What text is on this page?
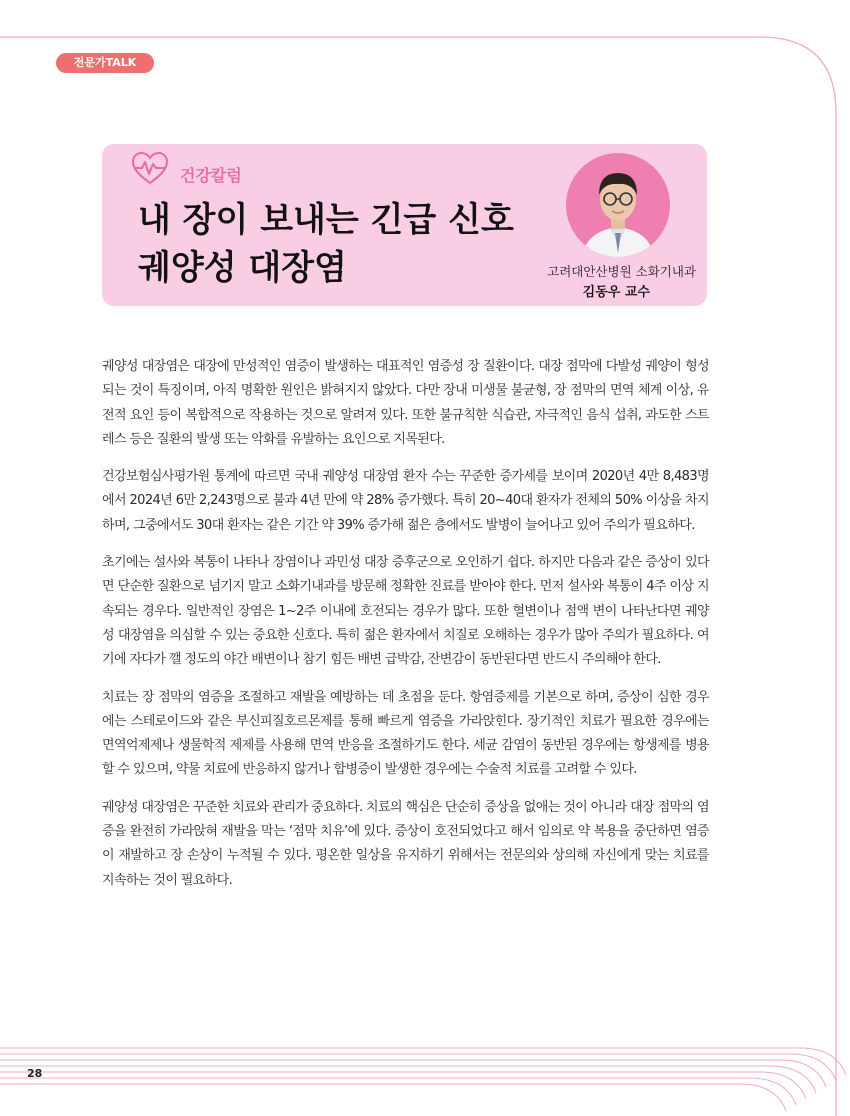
전문가TALK
건강칼럼
내 장이 보내는 긴급 신호
궤양성 대장염	고려대안산병원 소화기내과
김동우 교수

궤양성 대장염은 대장에 만성적인 염증이 발생하는 대표적인 염증성 장 질환이다. 대장 점막에 다발성 궤양이 형성되는 것이 특징이며, 아직 명확한 원인은 밝혀지지 않았다. 다만 장내 미생물 불균형, 장 점막의 면역 체계 이상, 유전적 요인 등이 복합적으로 작용하는 것으로 알려져 있다. 또한 불규칙한 식습관, 자극적인 음식 섭취, 과도한 스트레스 등은 질환의 발생 또는 악화를 유발하는 요인으로 지목된다.

건강보험심사평가원 통계에 따르면 국내 궤양성 대장염 환자 수는 꾸준한 증가세를 보이며 2020년 4만 8,483명에서 2024년 6만 2,243명으로 불과 4년 만에 약 28% 증가했다. 특히 20~40대 환자가 전체의 50% 이상을 차지하며, 그중에서도 30대 환자는 같은 기간 약 39% 증가해 젊은 층에서도 발병이 늘어나고 있어 주의가 필요하다.

초기에는 설사와 복통이 나타나 장염이나 과민성 대장 증후군으로 오인하기 쉽다. 하지만 다음과 같은 증상이 있다면 단순한 질환으로 넘기지 말고 소화기내과를 방문해 정확한 진료를 받아야 한다. 먼저 설사와 복통이 4주 이상 지속되는 경우다. 일반적인 장염은 1~2주 이내에 호전되는 경우가 많다. 또한 혈변이나 점액 변이 나타난다면 궤양성 대장염을 의심할 수 있는 중요한 신호다. 특히 젊은 환자에서 치질로 오해하는 경우가 많아 주의가 필요하다. 여기에 자다가 깰 정도의 야간 배변이나 참기 힘든 배변 급박감, 잔변감이 동반된다면 반드시 주의해야 한다.

치료는 장 점막의 염증을 조절하고 재발을 예방하는 데 초점을 둔다. 항염증제를 기본으로 하며, 증상이 심한 경우에는 스테로이드와 같은 부신피질호르몬제를 통해 빠르게 염증을 가라앉힌다. 장기적인 치료가 필요한 경우에는 면역억제제나 생물학적 제제를 사용해 면역 반응을 조절하기도 한다. 세균 감염이 동반된 경우에는 항생제를 병용할 수 있으며, 약물 치료에 반응하지 않거나 합병증이 발생한 경우에는 수술적 치료를 고려할 수 있다.

궤양성 대장염은 꾸준한 치료와 관리가 중요하다. 치료의 핵심은 단순히 증상을 없애는 것이 아니라 대장 점막의 염증을 완전히 가라앉혀 재발을 막는 ‘점막 치유’에 있다. 증상이 호전되었다고 해서 임의로 약 복용을 중단하면 염증이 재발하고 장 손상이 누적될 수 있다. 평온한 일상을 유지하기 위해서는 전문의와 상의해 자신에게 맞는 치료를 지속하는 것이 필요하다.

28
